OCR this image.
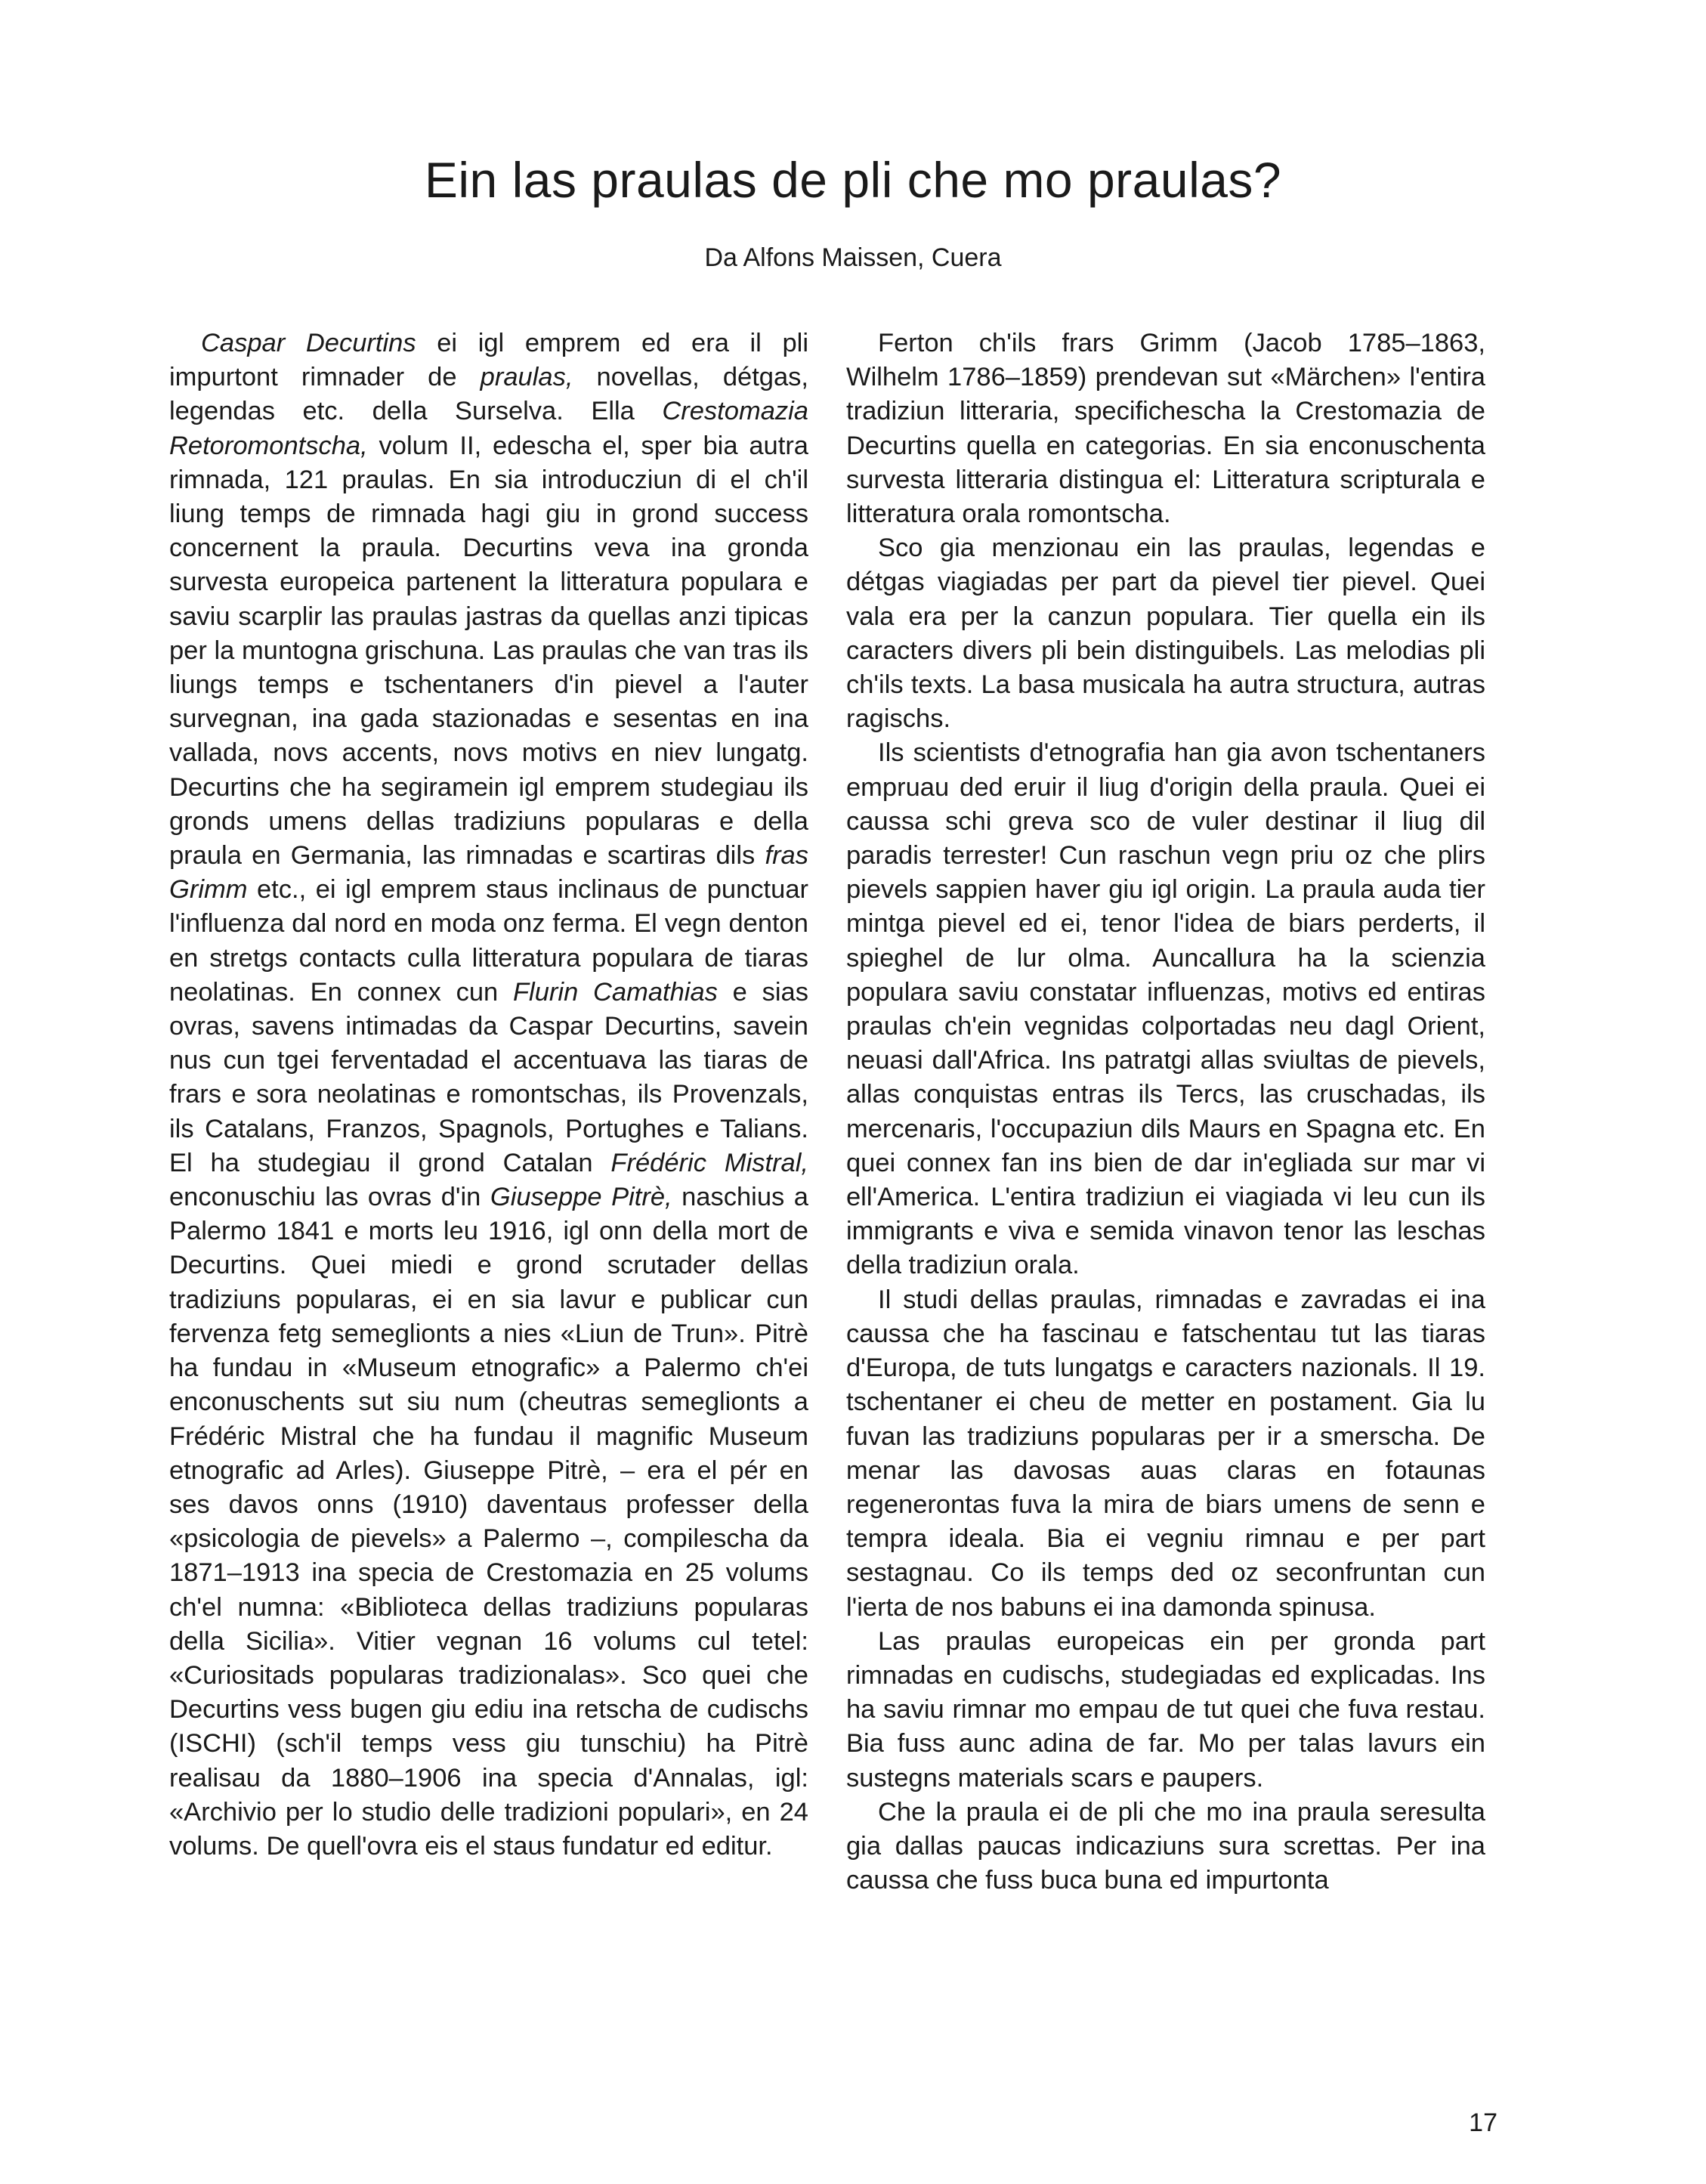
Ein las praulas de pli che mo praulas?
Da Alfons Maissen, Cuera

Caspar Decurtins ei igl emprem ed era il pli impurtont rimnader de praulas, novellas, détgas, legendas etc. della Surselva. Ella Crestomazia Retoromontscha, volum II, edescha el, sper bia autra rimnada, 121 praulas. En sia introducziun di el ch'il liung temps de rimnada hagi giu in grond success concernent la praula. Decurtins veva ina gronda survesta europeica partenent la litteratura populara e saviu scarplir las praulas jastras da quellas anzi tipicas per la muntogna grischuna. Las praulas che van tras ils liungs temps e tschentaners d'in pievel a l'auter survegnan, ina gada stazionadas e sesentas en ina vallada, novs accents, novs motivs en niev lungatg. Decurtins che ha segiramein igl emprem studegiau ils gronds umens dellas tradiziuns popularas e della praula en Germania, las rimnadas e scartiras dils fras Grimm etc., ei igl emprem staus inclinaus de punctuar l'influenza dal nord en moda onz ferma. El vegn denton en stretgs contacts culla litteratura populara de tiaras neolatinas. En connex cun Flurin Camathias e sias ovras, savens intimadas da Caspar Decurtins, savein nus cun tgei ferventadad el accentuava las tiaras de frars e sora neolatinas e romontschas, ils Provenzals, ils Catalans, Franzos, Spagnols, Portughes e Talians. El ha studegiau il grond Catalan Frédéric Mistral, enconuschiu las ovras d'in Giuseppe Pitrè, naschius a Palermo 1841 e morts leu 1916, igl onn della mort de Decurtins. Quei miedi e grond scrutader dellas tradiziuns popularas, ei en sia lavur e publicar cun fervenza fetg semeglionts a nies «Liun de Trun». Pitrè ha fundau in «Museum etnografic» a Palermo ch'ei enconuschents sut siu num (cheutras semeglionts a Frédéric Mistral che ha fundau il magnific Museum etnografic ad Arles). Giuseppe Pitrè, – era el pér en ses davos onns (1910) daventaus professer della «psicologia de pievels» a Palermo –, compilescha da 1871–1913 ina specia de Crestomazia en 25 volums ch'el numna: «Biblioteca dellas tradiziuns popularas della Sicilia». Vitier vegnan 16 volums cul tetel: «Curiositads popularas tradizionalas». Sco quei che Decurtins vess bugen giu ediu ina retscha de cudischs (ISCHI) (sch'il temps vess giu tunschiu) ha Pitrè realisau da 1880–1906 ina specia d'Annalas, igl: «Archivio per lo studio delle tradizioni populari», en 24 volums. De quell'ovra eis el staus fundatur ed editur.

Ferton ch'ils frars Grimm (Jacob 1785–1863, Wilhelm 1786–1859) prendevan sut «Märchen» l'entira tradiziun litteraria, specifichescha la Crestomazia de Decurtins quella en categorias. En sia enconuschenta survesta litteraria distingua el: Litteratura scripturala e litteratura orala romontscha.

Sco gia menzionau ein las praulas, legendas e détgas viagiadas per part da pievel tier pievel. Quei vala era per la canzun populara. Tier quella ein ils caracters divers pli bein distinguibels. Las melodias pli ch'ils texts. La basa musicala ha autra structura, autras ragischs.

Ils scientists d'etnografia han gia avon tschentaners empruau ded eruir il liug d'origin della praula. Quei ei caussa schi greva sco de vuler destinar il liug dil paradis terrester! Cun raschun vegn priu oz che plirs pievels sappien haver giu igl origin. La praula auda tier mintga pievel ed ei, tenor l'idea de biars perderts, il spieghel de lur olma. Auncallura ha la scienzia populara saviu constatar influenzas, motivs ed entiras praulas ch'ein vegnidas colportadas neu dagl Orient, neuasi dall'Africa. Ins patratgi allas sviultas de pievels, allas conquistas entras ils Tercs, las cruschadas, ils mercenaris, l'occupaziun dils Maurs en Spagna etc. En quei connex fan ins bien de dar in'egliada sur mar vi ell'America. L'entira tradiziun ei viagiada vi leu cun ils immigrants e viva e semida vinavon tenor las leschas della tradiziun orala.

Il studi dellas praulas, rimnadas e zavradas ei ina caussa che ha fascinau e fatschentau tut las tiaras d'Europa, de tuts lungatgs e caracters nazionals. Il 19. tschentaner ei cheu de metter en postament. Gia lu fuvan las tradiziuns popularas per ir a smerscha. De menar las davosas auas claras en fotaunas regenerontas fuva la mira de biars umens de senn e tempra ideala. Bia ei vegniu rimnau e per part sestagnau. Co ils temps ded oz seconfruntan cun l'ierta de nos babuns ei ina damonda spinusa.

Las praulas europeicas ein per gronda part rimnadas en cudischs, studegiadas ed explicadas. Ins ha saviu rimnar mo empau de tut quei che fuva restau. Bia fuss aunc adina de far. Mo per talas lavurs ein sustegns materials scars e paupers.

Che la praula ei de pli che mo ina praula seresulta gia dallas paucas indicaziuns sura screttas. Per ina caussa che fuss buca buna ed impurtonta

17
